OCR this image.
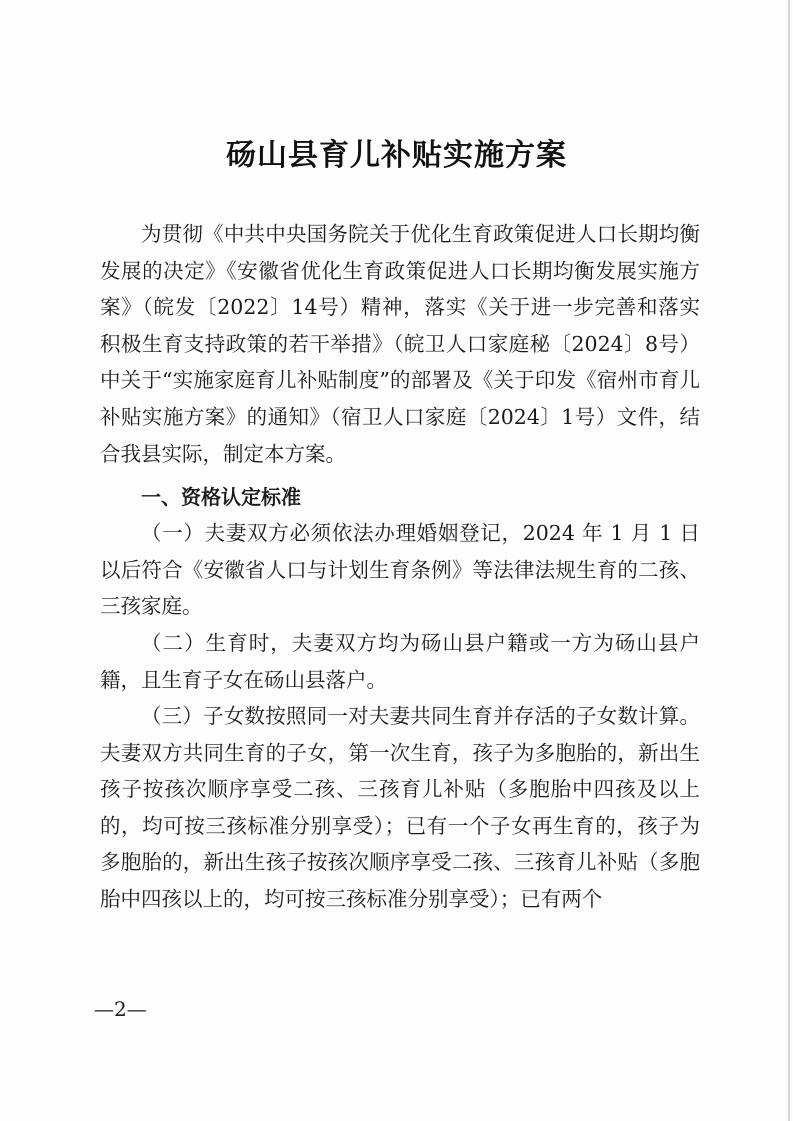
砀山县育儿补贴实施方案

为贯彻《中共中央国务院关于优化生育政策促进人口长期均衡发展的决定》《安徽省优化生育政策促进人口长期均衡发展实施方案》（皖发〔2022〕14号）精神，落实《关于进一步完善和落实积极生育支持政策的若干举措》（皖卫人口家庭秘〔2024〕8号）中关于“实施家庭育儿补贴制度”的部署及《关于印发《宿州市育儿补贴实施方案》的通知》（宿卫人口家庭〔2024〕1号）文件，结合我县实际，制定本方案。

一、资格认定标准

（一）夫妻双方必须依法办理婚姻登记，2024 年 1 月 1 日以后符合《安徽省人口与计划生育条例》等法律法规生育的二孩、三孩家庭。

（二）生育时，夫妻双方均为砀山县户籍或一方为砀山县户籍，且生育子女在砀山县落户。

（三）子女数按照同一对夫妻共同生育并存活的子女数计算。夫妻双方共同生育的子女，第一次生育，孩子为多胞胎的，新出生孩子按孩次顺序享受二孩、三孩育儿补贴（多胞胎中四孩及以上的，均可按三孩标准分别享受）；已有一个子女再生育的，孩子为多胞胎的，新出生孩子按孩次顺序享受二孩、三孩育儿补贴（多胞胎中四孩以上的，均可按三孩标准分别享受）；已有两个

—2—
